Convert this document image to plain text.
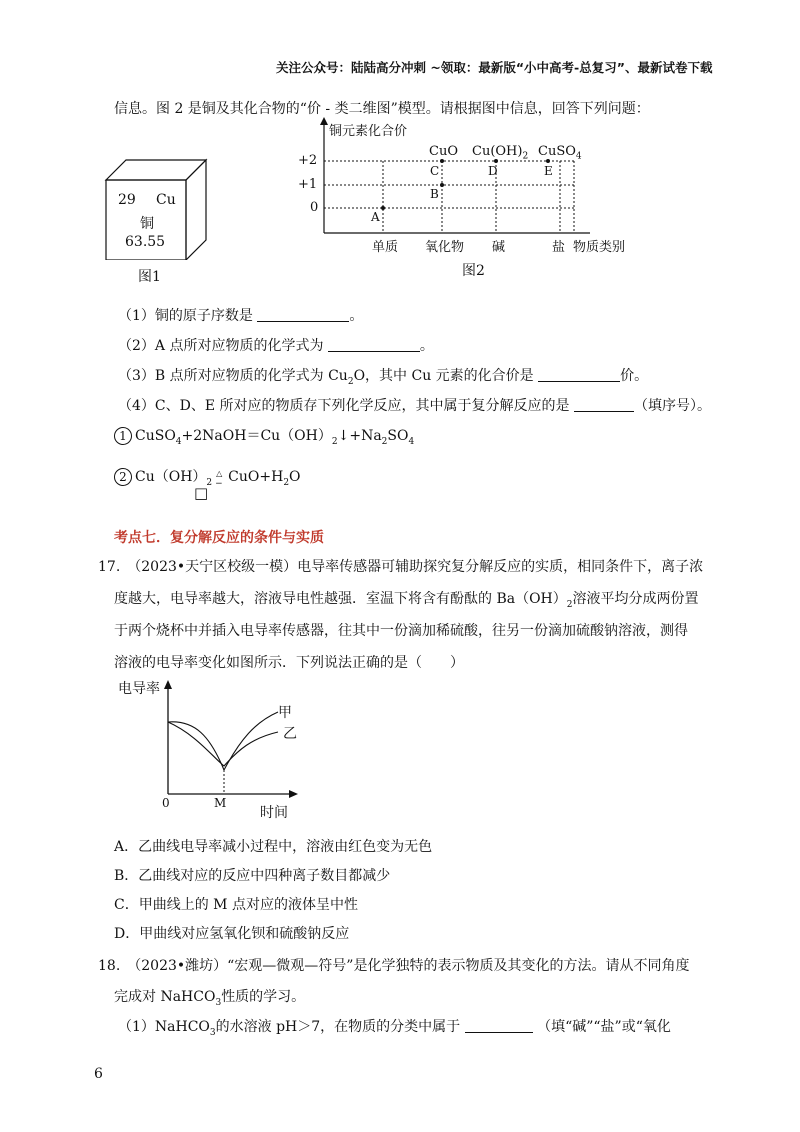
关注公众号：陆陆高分冲刺 ~领取：最新版“小中高考-总复习”、最新试卷下载
信息。图 2 是铜及其化合物的“价 - 类二维图”模型。请根据图中信息，回答下列问题：
29 Cu
铜
63.55
图1
铜元素化合价
+2
+1
0
CuO $Cu(OH)_2$ CuSO$_4$
A
B
C	D	E
单质 氧化物 碱	盐 物质类别
图2
（1）铜的原子序数是	。
（2）A 点所对应物质的化学式为	。
（3）B 点所对应物质的化学式为 $Cu_2O$，其中 Cu 元素的化合价是	价。
（4）C、D、E 所对应的物质存下列化学反应，其中属于复分解反应的是	（填序号）。
1 $CuSO_4+2NaOH=Cu(OH)_2↓+Na_2SO_4$
2 $Cu(OH)_2$
△
− $CuO+H_2O$
□
考点七．复分解反应的条件与实质
17.　（2023•天宁区校级一模）电导率传感器可辅助探究复分解反应的实质，相同条件下，离子浓
度越大，电导率越大，溶液导电性越强．室温下将含有酚酞的 $Ba(OH)_2$溶液平均分成两份置
于两个烧杯中并插入电导率传感器，往其中一份滴加稀硫酸，往另一份滴加硫酸钠溶液，测得
溶液的电导率变化如图所示．下列说法正确的是（　　）
电导率
时间
0	M
甲
乙
A．乙曲线电导率减小过程中，溶液由红色变为无色
B．乙曲线对应的反应中四种离子数目都减少
C．甲曲线上的 M 点对应的液体呈中性
D．甲曲线对应氢氧化钡和硫酸钠反应
18.　（2023•潍坊）“宏观—微观—符号”是化学独特的表示物质及其变化的方法。请从不同角度
完成对 NaHCO$_3$性质的学习。
（1）NaHCO$_3$的水溶液 pH＞7，在物质的分类中属于	（填“碱”“盐”或“氧化
6
